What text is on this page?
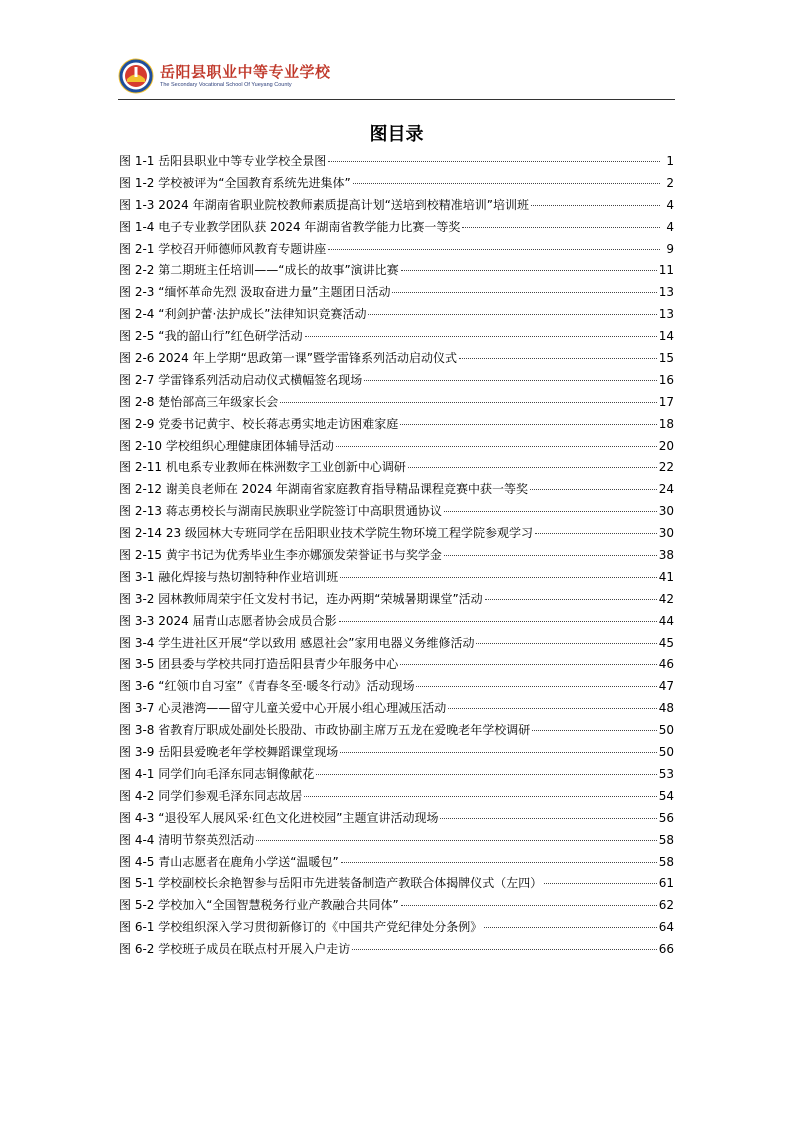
岳阳县职业中等专业学校
The Secondary Vocational School Of Yueyang County
图目录
图 1-1 岳阳县职业中等专业学校全景图	1
图 1-2 学校被评为“全国教育系统先进集体”	2
图 1-3 2024 年湖南省职业院校教师素质提高计划“送培到校精准培训”培训班	4
图 1-4 电子专业教学团队获 2024 年湖南省教学能力比赛一等奖	4
图 2-1 学校召开师德师风教育专题讲座	9
图 2-2 第二期班主任培训——“成长的故事”演讲比赛	11
图 2-3 “缅怀革命先烈 汲取奋进力量”主题团日活动	13
图 2-4 “利剑护蕾·法护成长”法律知识竞赛活动	13
图 2-5 “我的韶山行”红色研学活动	14
图 2-6 2024 年上学期“思政第一课”暨学雷锋系列活动启动仪式	15
图 2-7 学雷锋系列活动启动仪式横幅签名现场	16
图 2-8 楚怡部高三年级家长会	17
图 2-9 党委书记黄宇、校长蒋志勇实地走访困难家庭	18
图 2-10 学校组织心理健康团体辅导活动	20
图 2-11 机电系专业教师在株洲数字工业创新中心调研	22
图 2-12 谢美良老师在 2024 年湖南省家庭教育指导精品课程竞赛中获一等奖	24
图 2-13 蒋志勇校长与湖南民族职业学院签订中高职贯通协议	30
图 2-14 23 级园林大专班同学在岳阳职业技术学院生物环境工程学院参观学习	30
图 2-15 黄宇书记为优秀毕业生李亦娜颁发荣誉证书与奖学金	38
图 3-1 融化焊接与热切割特种作业培训班	41
图 3-2 园林教师周荣宇任文发村书记，连办两期“荣城暑期课堂”活动	42
图 3-3 2024 届青山志愿者协会成员合影	44
图 3-4 学生进社区开展“学以致用 感恩社会”家用电器义务维修活动	45
图 3-5 团县委与学校共同打造岳阳县青少年服务中心	46
图 3-6 “红领巾自习室”《青春冬至·暖冬行动》活动现场	47
图 3-7 心灵港湾——留守儿童关爱中心开展小组心理减压活动	48
图 3-8 省教育厅职成处副处长股劭、市政协副主席万五龙在爱晚老年学校调研	50
图 3-9 岳阳县爱晚老年学校舞蹈课堂现场	50
图 4-1 同学们向毛泽东同志铜像献花	53
图 4-2 同学们参观毛泽东同志故居	54
图 4-3 “退役军人展风采·红色文化进校园”主题宣讲活动现场	56
图 4-4 清明节祭英烈活动	58
图 4-5 青山志愿者在鹿角小学送“温暖包”	58
图 5-1 学校副校长余艳智参与岳阳市先进装备制造产教联合体揭牌仪式（左四）	61
图 5-2 学校加入“全国智慧税务行业产教融合共同体”	62
图 6-1 学校组织深入学习贯彻新修订的《中国共产党纪律处分条例》	64
图 6-2 学校班子成员在联点村开展入户走访	66
